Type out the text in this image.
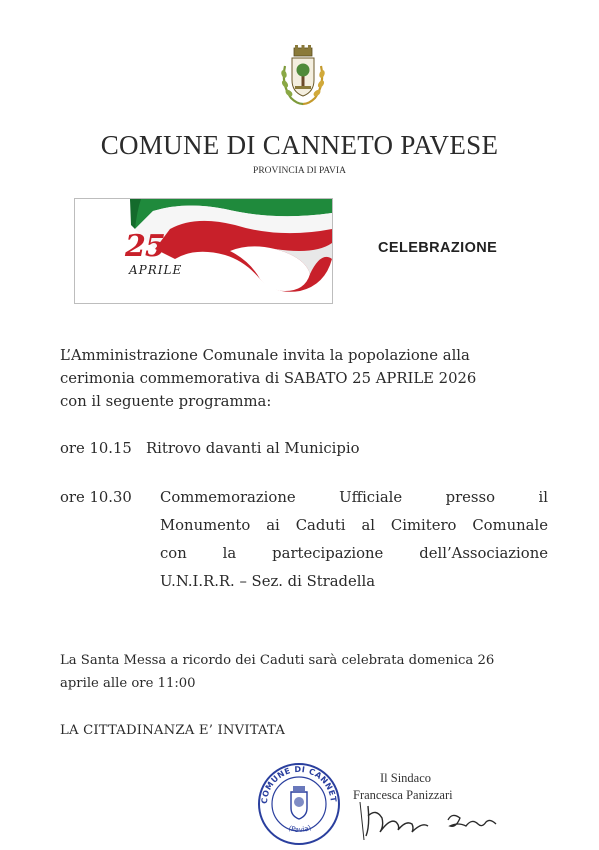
COMUNE DI CANNETO PAVESE
PROVINCIA DI PAVIA
25
APRILE
CELEBRAZIONE
L’Amministrazione Comunale invita la popolazione alla
cerimonia commemorativa di SABATO 25 APRILE 2026
con il seguente programma:
ore 10.15 Ritrovo davanti al Municipio
ore 10.30 Commemorazione Ufficiale presso il
Monumento ai Caduti al Cimitero Comunale
con la partecipazione dell’Associazione
U.N.I.R.R. – Sez. di Stradella
La Santa Messa a ricordo dei Caduti sarà celebrata domenica 26
aprile alle ore 11:00
LA CITTADINANZA E’ INVITATA
COMUNE DI CANNET
(Pavia)
Il Sindaco
Francesca Panizzari
